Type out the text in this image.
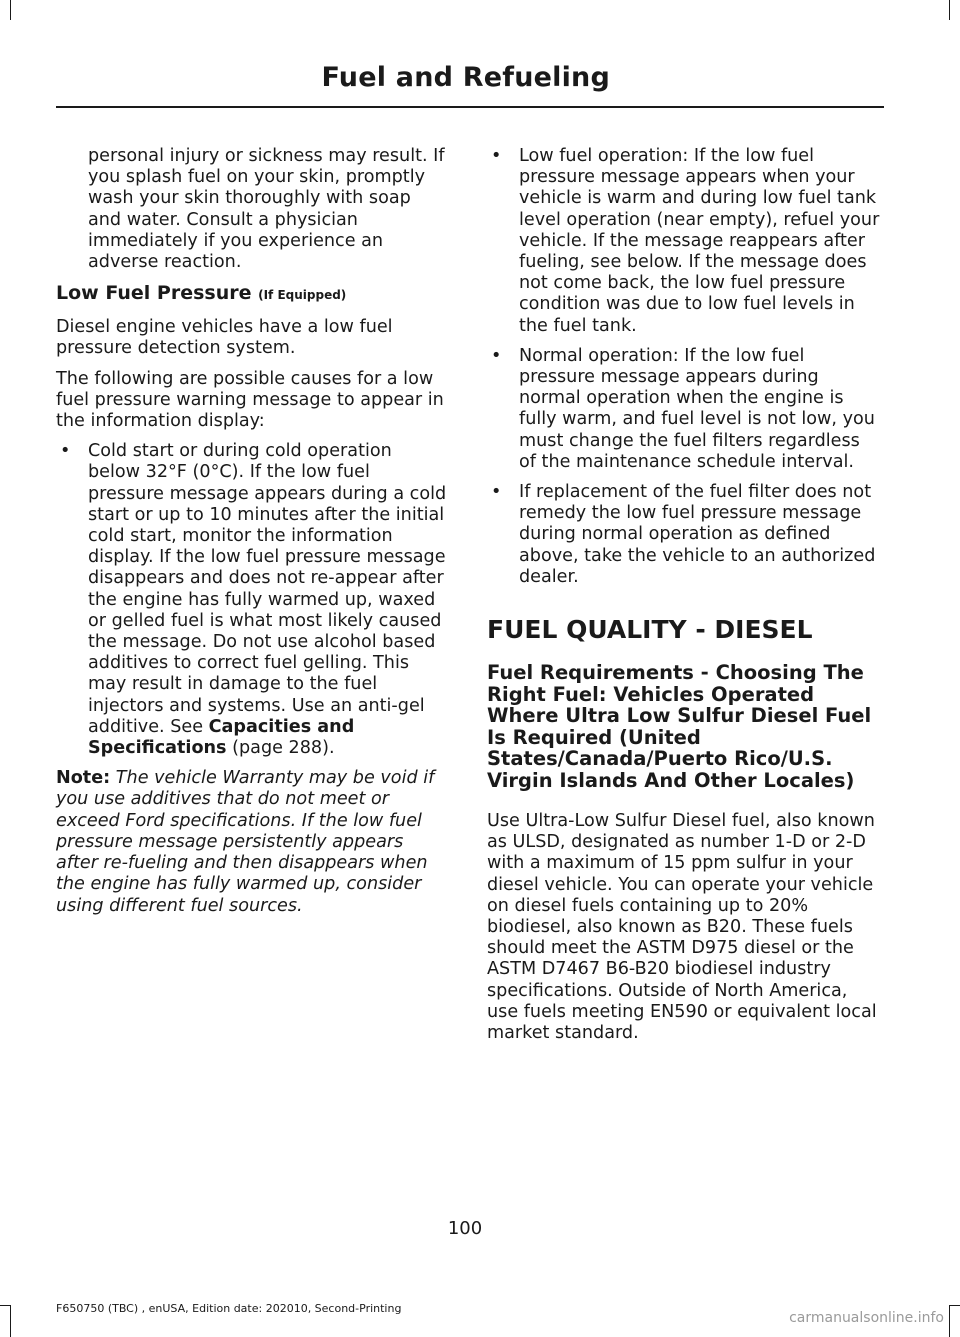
Fuel and Refueling

personal injury or sickness may result. If you splash fuel on your skin, promptly wash your skin thoroughly with soap and water. Consult a physician immediately if you experience an adverse reaction.

Low Fuel Pressure (If Equipped)

Diesel engine vehicles have a low fuel pressure detection system.

The following are possible causes for a low fuel pressure warning message to appear in the information display:

• Cold start or during cold operation below 32°F (0°C). If the low fuel pressure message appears during a cold start or up to 10 minutes after the initial cold start, monitor the information display. If the low fuel pressure message disappears and does not re-appear after the engine has fully warmed up, waxed or gelled fuel is what most likely caused the message. Do not use alcohol based additives to correct fuel gelling. This may result in damage to the fuel injectors and systems. Use an anti-gel additive. See Capacities and Specifications (page 288).

Note: The vehicle Warranty may be void if you use additives that do not meet or exceed Ford specifications. If the low fuel pressure message persistently appears after re-fueling and then disappears when the engine has fully warmed up, consider using different fuel sources.

• Low fuel operation: If the low fuel pressure message appears when your vehicle is warm and during low fuel tank level operation (near empty), refuel your vehicle. If the message reappears after fueling, see below. If the message does not come back, the low fuel pressure condition was due to low fuel levels in the fuel tank.
• Normal operation: If the low fuel pressure message appears during normal operation when the engine is fully warm, and fuel level is not low, you must change the fuel filters regardless of the maintenance schedule interval.
• If replacement of the fuel filter does not remedy the low fuel pressure message during normal operation as defined above, take the vehicle to an authorized dealer.
FUEL QUALITY - DIESEL
Fuel Requirements - Choosing The Right Fuel: Vehicles Operated Where Ultra Low Sulfur Diesel Fuel Is Required (United States/Canada/Puerto Rico/U.S. Virgin Islands And Other Locales)

Use Ultra-Low Sulfur Diesel fuel, also known as ULSD, designated as number 1-D or 2-D with a maximum of 15 ppm sulfur in your diesel vehicle. You can operate your vehicle on diesel fuels containing up to 20% biodiesel, also known as B20. These fuels should meet the ASTM D975 diesel or the ASTM D7467 B6-B20 biodiesel industry specifications. Outside of North America, use fuels meeting EN590 or equivalent local market standard.

100
F650750 (TBC) , enUSA, Edition date: 202010, Second-Printing
carmanualsonline.info
